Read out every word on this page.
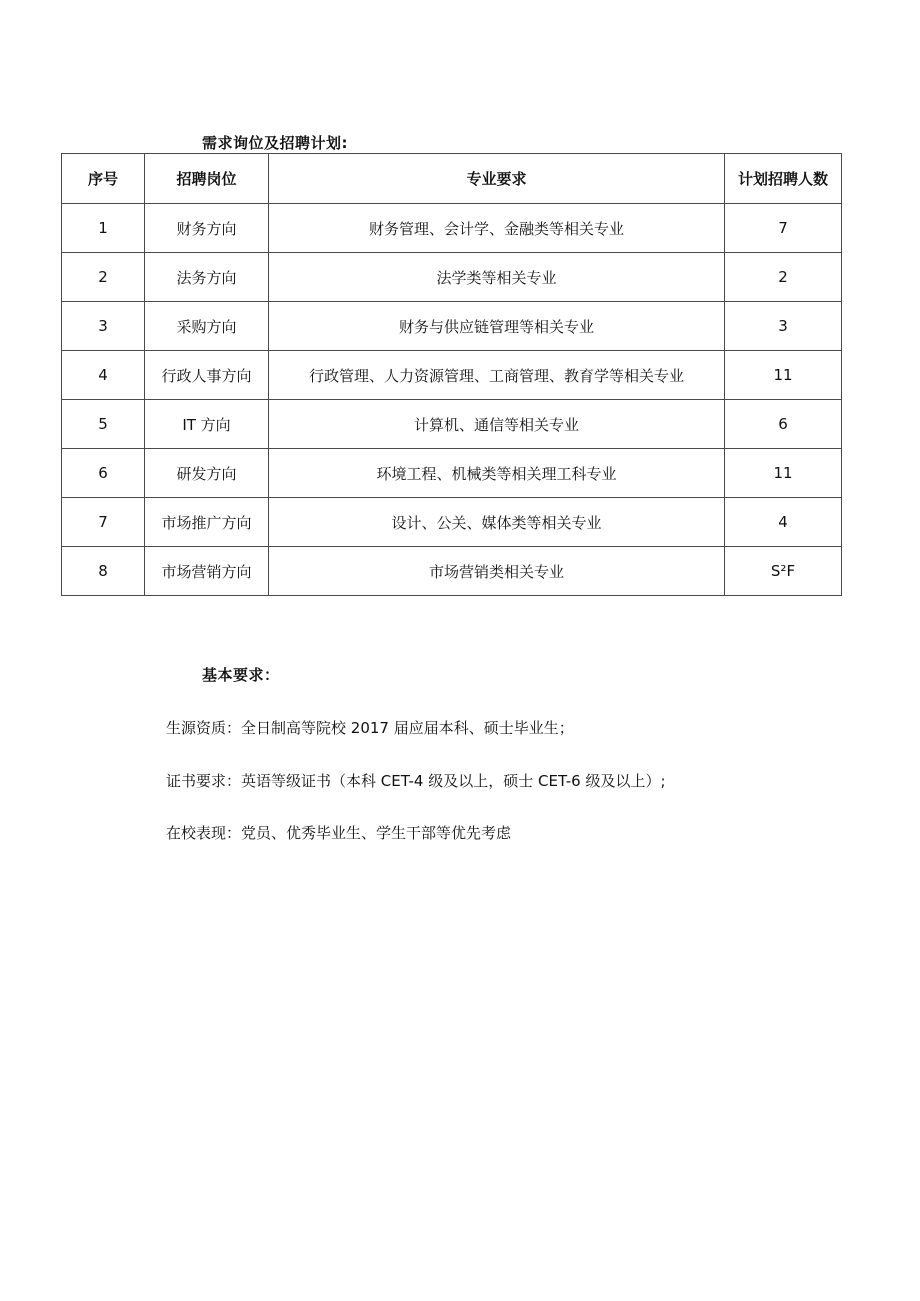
需求询位及招聘计划:
序号	招聘岗位	专业要求	计划招聘人数
1	财务方向	财务管理、会计学、金融类等相关专业	7
2	法务方向	法学类等相关专业	2
3	采购方向	财务与供应链管理等相关专业	3
4	行政人事方向	行政管理、人力资源管理、工商管理、教育学等相关专业	11
5	IT 方向	计算机、通信等相关专业	6
6	研发方向	环境工程、机械类等相关理工科专业	11
7	市场推广方向	设计、公关、媒体类等相关专业	4
8	市场营销方向	市场营销类相关专业	S²F
基本要求：
生源资质：全日制高等院校 2017 届应届本科、硕士毕业生；
证书要求：英语等级证书（本科 CET-4 级及以上，硕士 CET-6 级及以上）;
在校表现：党员、优秀毕业生、学生干部等优先考虑
